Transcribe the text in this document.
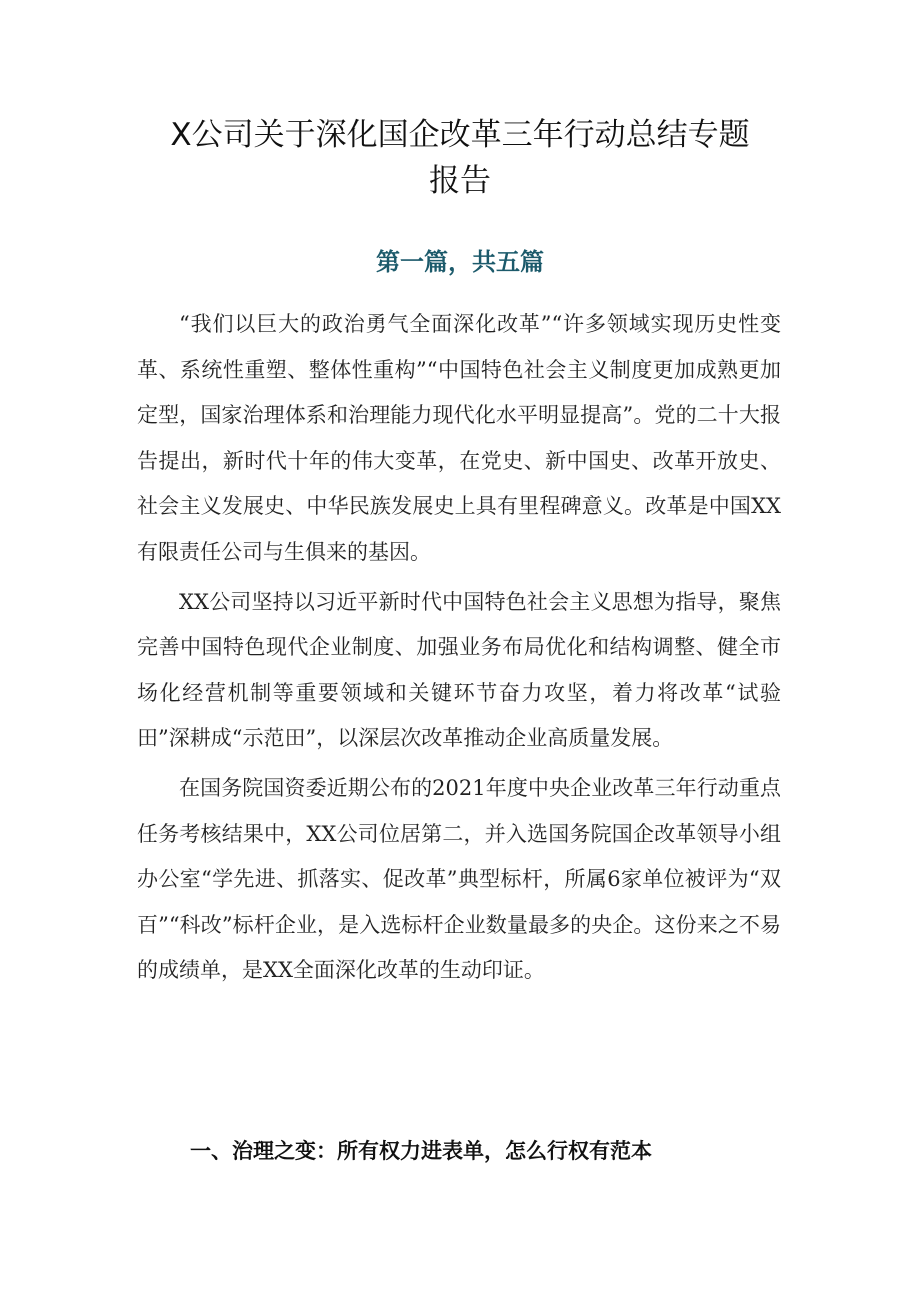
X公司关于深化国企改革三年行动总结专题
报告
第一篇，共五篇

“我们以巨大的政治勇气全面深化改革”“许多领域实现历史性变革、系统性重塑、整体性重构”“中国特色社会主义制度更加成熟更加定型，国家治理体系和治理能力现代化水平明显提高”。党的二十大报告提出，新时代十年的伟大变革，在党史、新中国史、改革开放史、社会主义发展史、中华民族发展史上具有里程碑意义。改革是中国XX有限责任公司与生俱来的基因。

XX公司坚持以习近平新时代中国特色社会主义思想为指导，聚焦完善中国特色现代企业制度、加强业务布局优化和结构调整、健全市场化经营机制等重要领域和关键环节奋力攻坚，着力将改革“试验田”深耕成“示范田”，以深层次改革推动企业高质量发展。

在国务院国资委近期公布的2021年度中央企业改革三年行动重点任务考核结果中，XX公司位居第二，并入选国务院国企改革领导小组办公室“学先进、抓落实、促改革”典型标杆，所属6家单位被评为“双百”“科改”标杆企业，是入选标杆企业数量最多的央企。这份来之不易的成绩单，是XX全面深化改革的生动印证。

一、治理之变：所有权力进表单，怎么行权有范本
